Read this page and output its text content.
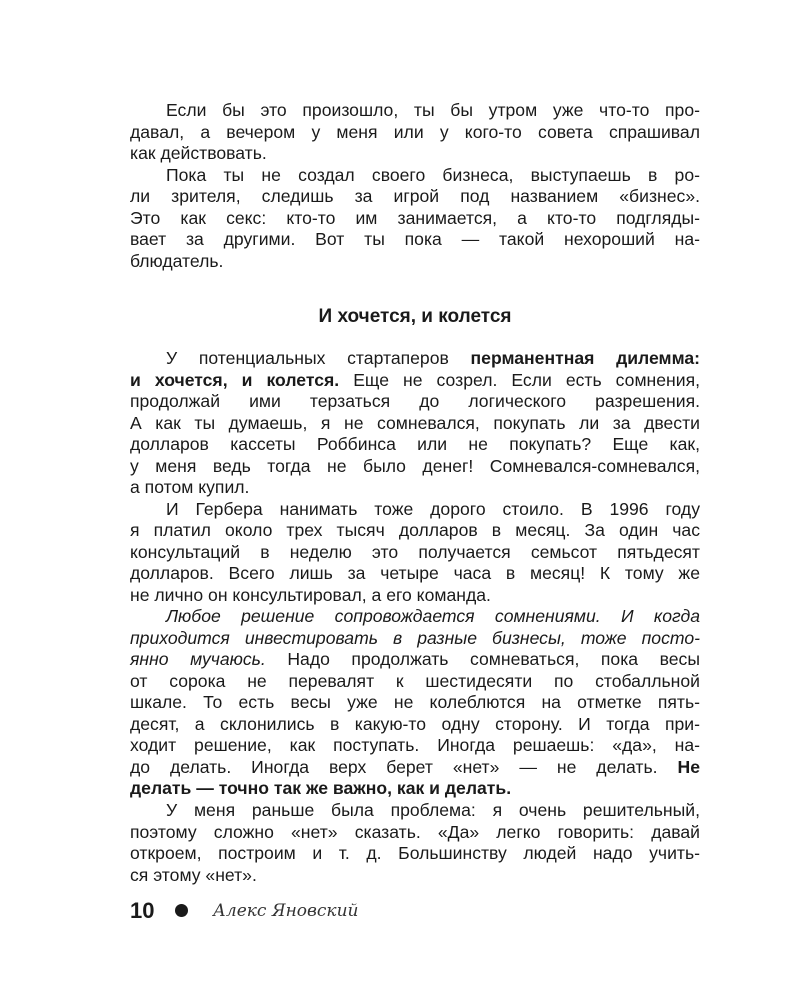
Если бы это произошло, ты бы утром уже что-то про-
давал, а вечером у меня или у кого-то совета спрашивал
как действовать.
Пока ты не создал своего бизнеса, выступаешь в ро-
ли зрителя, следишь за игрой под названием «бизнес».
Это как секс: кто-то им занимается, а кто-то подгляды-
вает за другими. Вот ты пока — такой нехороший на-
блюдатель.
И хочется, и колется
У потенциальных стартаперов перманентная дилемма:
и хочется, и колется. Еще не созрел. Если есть сомнения,
продолжай ими терзаться до логического разрешения.
А как ты думаешь, я не сомневался, покупать ли за двести
долларов кассеты Роббинса или не покупать? Еще как,
у меня ведь тогда не было денег! Сомневался-сомневался,
а потом купил.
И Гербера нанимать тоже дорого стоило. В 1996 году
я платил около трех тысяч долларов в месяц. За один час
консультаций в неделю это получается семьсот пятьдесят
долларов. Всего лишь за четыре часа в месяц! К тому же
не лично он консультировал, а его команда.
Любое решение сопровождается сомнениями. И когда
приходится инвестировать в разные бизнесы, тоже посто-
янно мучаюсь. Надо продолжать сомневаться, пока весы
от сорока не перевалят к шестидесяти по стобалльной
шкале. То есть весы уже не колеблются на отметке пять-
десят, а склонились в какую-то одну сторону. И тогда при-
ходит решение, как поступать. Иногда решаешь: «да», на-
до делать. Иногда верх берет «нет» — не делать. Не
делать — точно так же важно, как и делать.
У меня раньше была проблема: я очень решительный,
поэтому сложно «нет» сказать. «Да» легко говорить: давай
откроем, построим и т. д. Большинству людей надо учить-
ся этому «нет».
10	Алекс Яновский
